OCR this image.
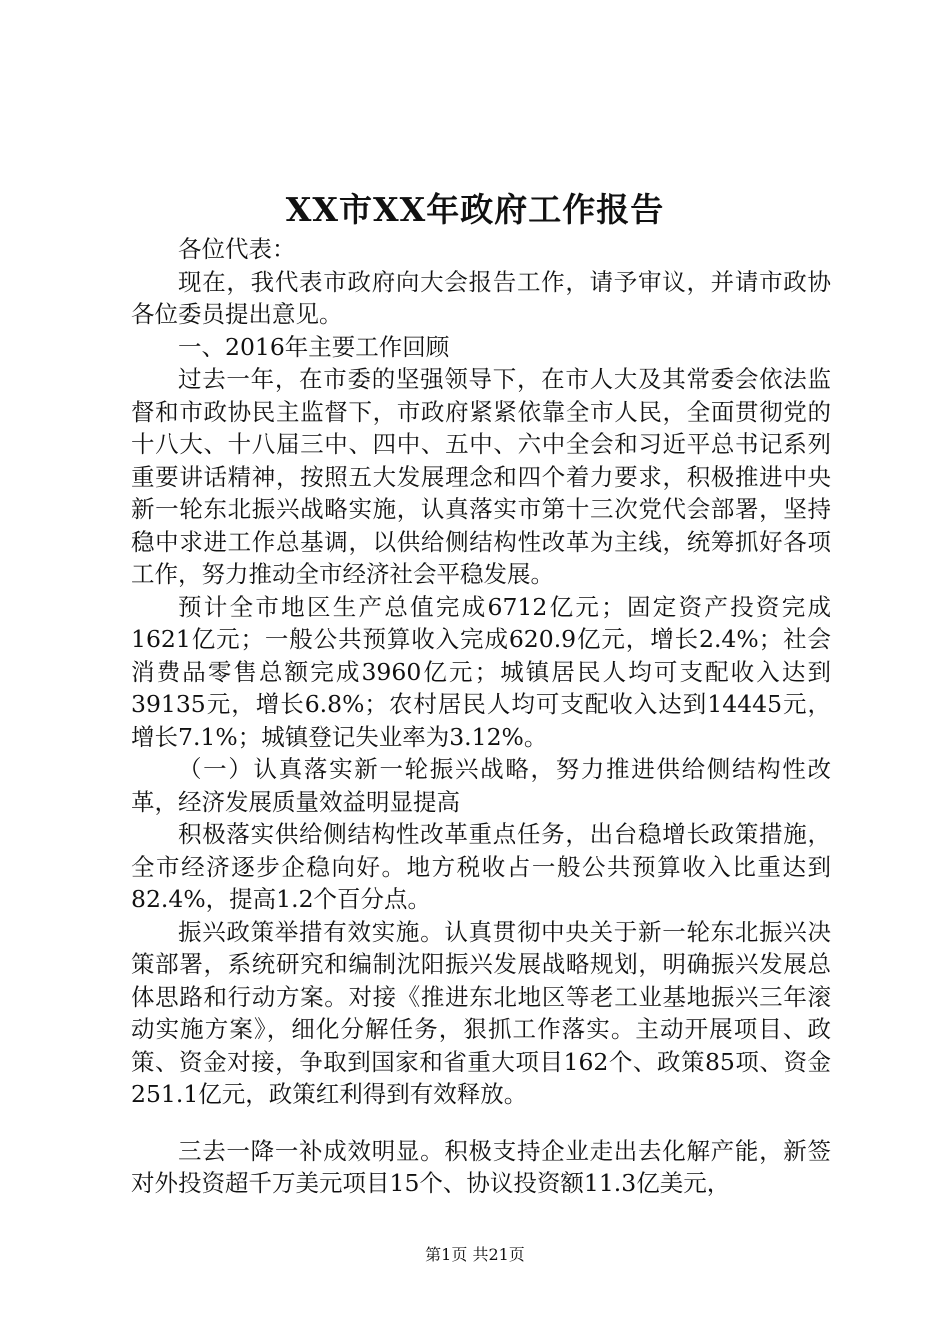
XX市XX年政府工作报告

各位代表：

现在，我代表市政府向大会报告工作，请予审议，并请市政协各位委员提出意见。

一、2016年主要工作回顾

过去一年，在市委的坚强领导下，在市人大及其常委会依法监督和市政协民主监督下，市政府紧紧依靠全市人民，全面贯彻党的十八大、十八届三中、四中、五中、六中全会和习近平总书记系列重要讲话精神，按照五大发展理念和四个着力要求，积极推进中央新一轮东北振兴战略实施，认真落实市第十三次党代会部署，坚持稳中求进工作总基调，以供给侧结构性改革为主线，统筹抓好各项工作，努力推动全市经济社会平稳发展。

预计全市地区生产总值完成6712亿元；固定资产投资完成1621亿元；一般公共预算收入完成620.9亿元，增长2.4%；社会消费品零售总额完成3960亿元；城镇居民人均可支配收入达到39135元，增长6.8%；农村居民人均可支配收入达到14445元，增长7.1%；城镇登记失业率为3.12%。

（一）认真落实新一轮振兴战略，努力推进供给侧结构性改革，经济发展质量效益明显提高

积极落实供给侧结构性改革重点任务，出台稳增长政策措施，全市经济逐步企稳向好。地方税收占一般公共预算收入比重达到82.4%，提高1.2个百分点。

振兴政策举措有效实施。认真贯彻中央关于新一轮东北振兴决策部署，系统研究和编制沈阳振兴发展战略规划，明确振兴发展总体思路和行动方案。对接《推进东北地区等老工业基地振兴三年滚动实施方案》，细化分解任务，狠抓工作落实。主动开展项目、政策、资金对接，争取到国家和省重大项目162个、政策85项、资金251.1亿元，政策红利得到有效释放。

三去一降一补成效明显。积极支持企业走出去化解产能，新签对外投资超千万美元项目15个、协议投资额11.3亿美元，

第1页 共21页
